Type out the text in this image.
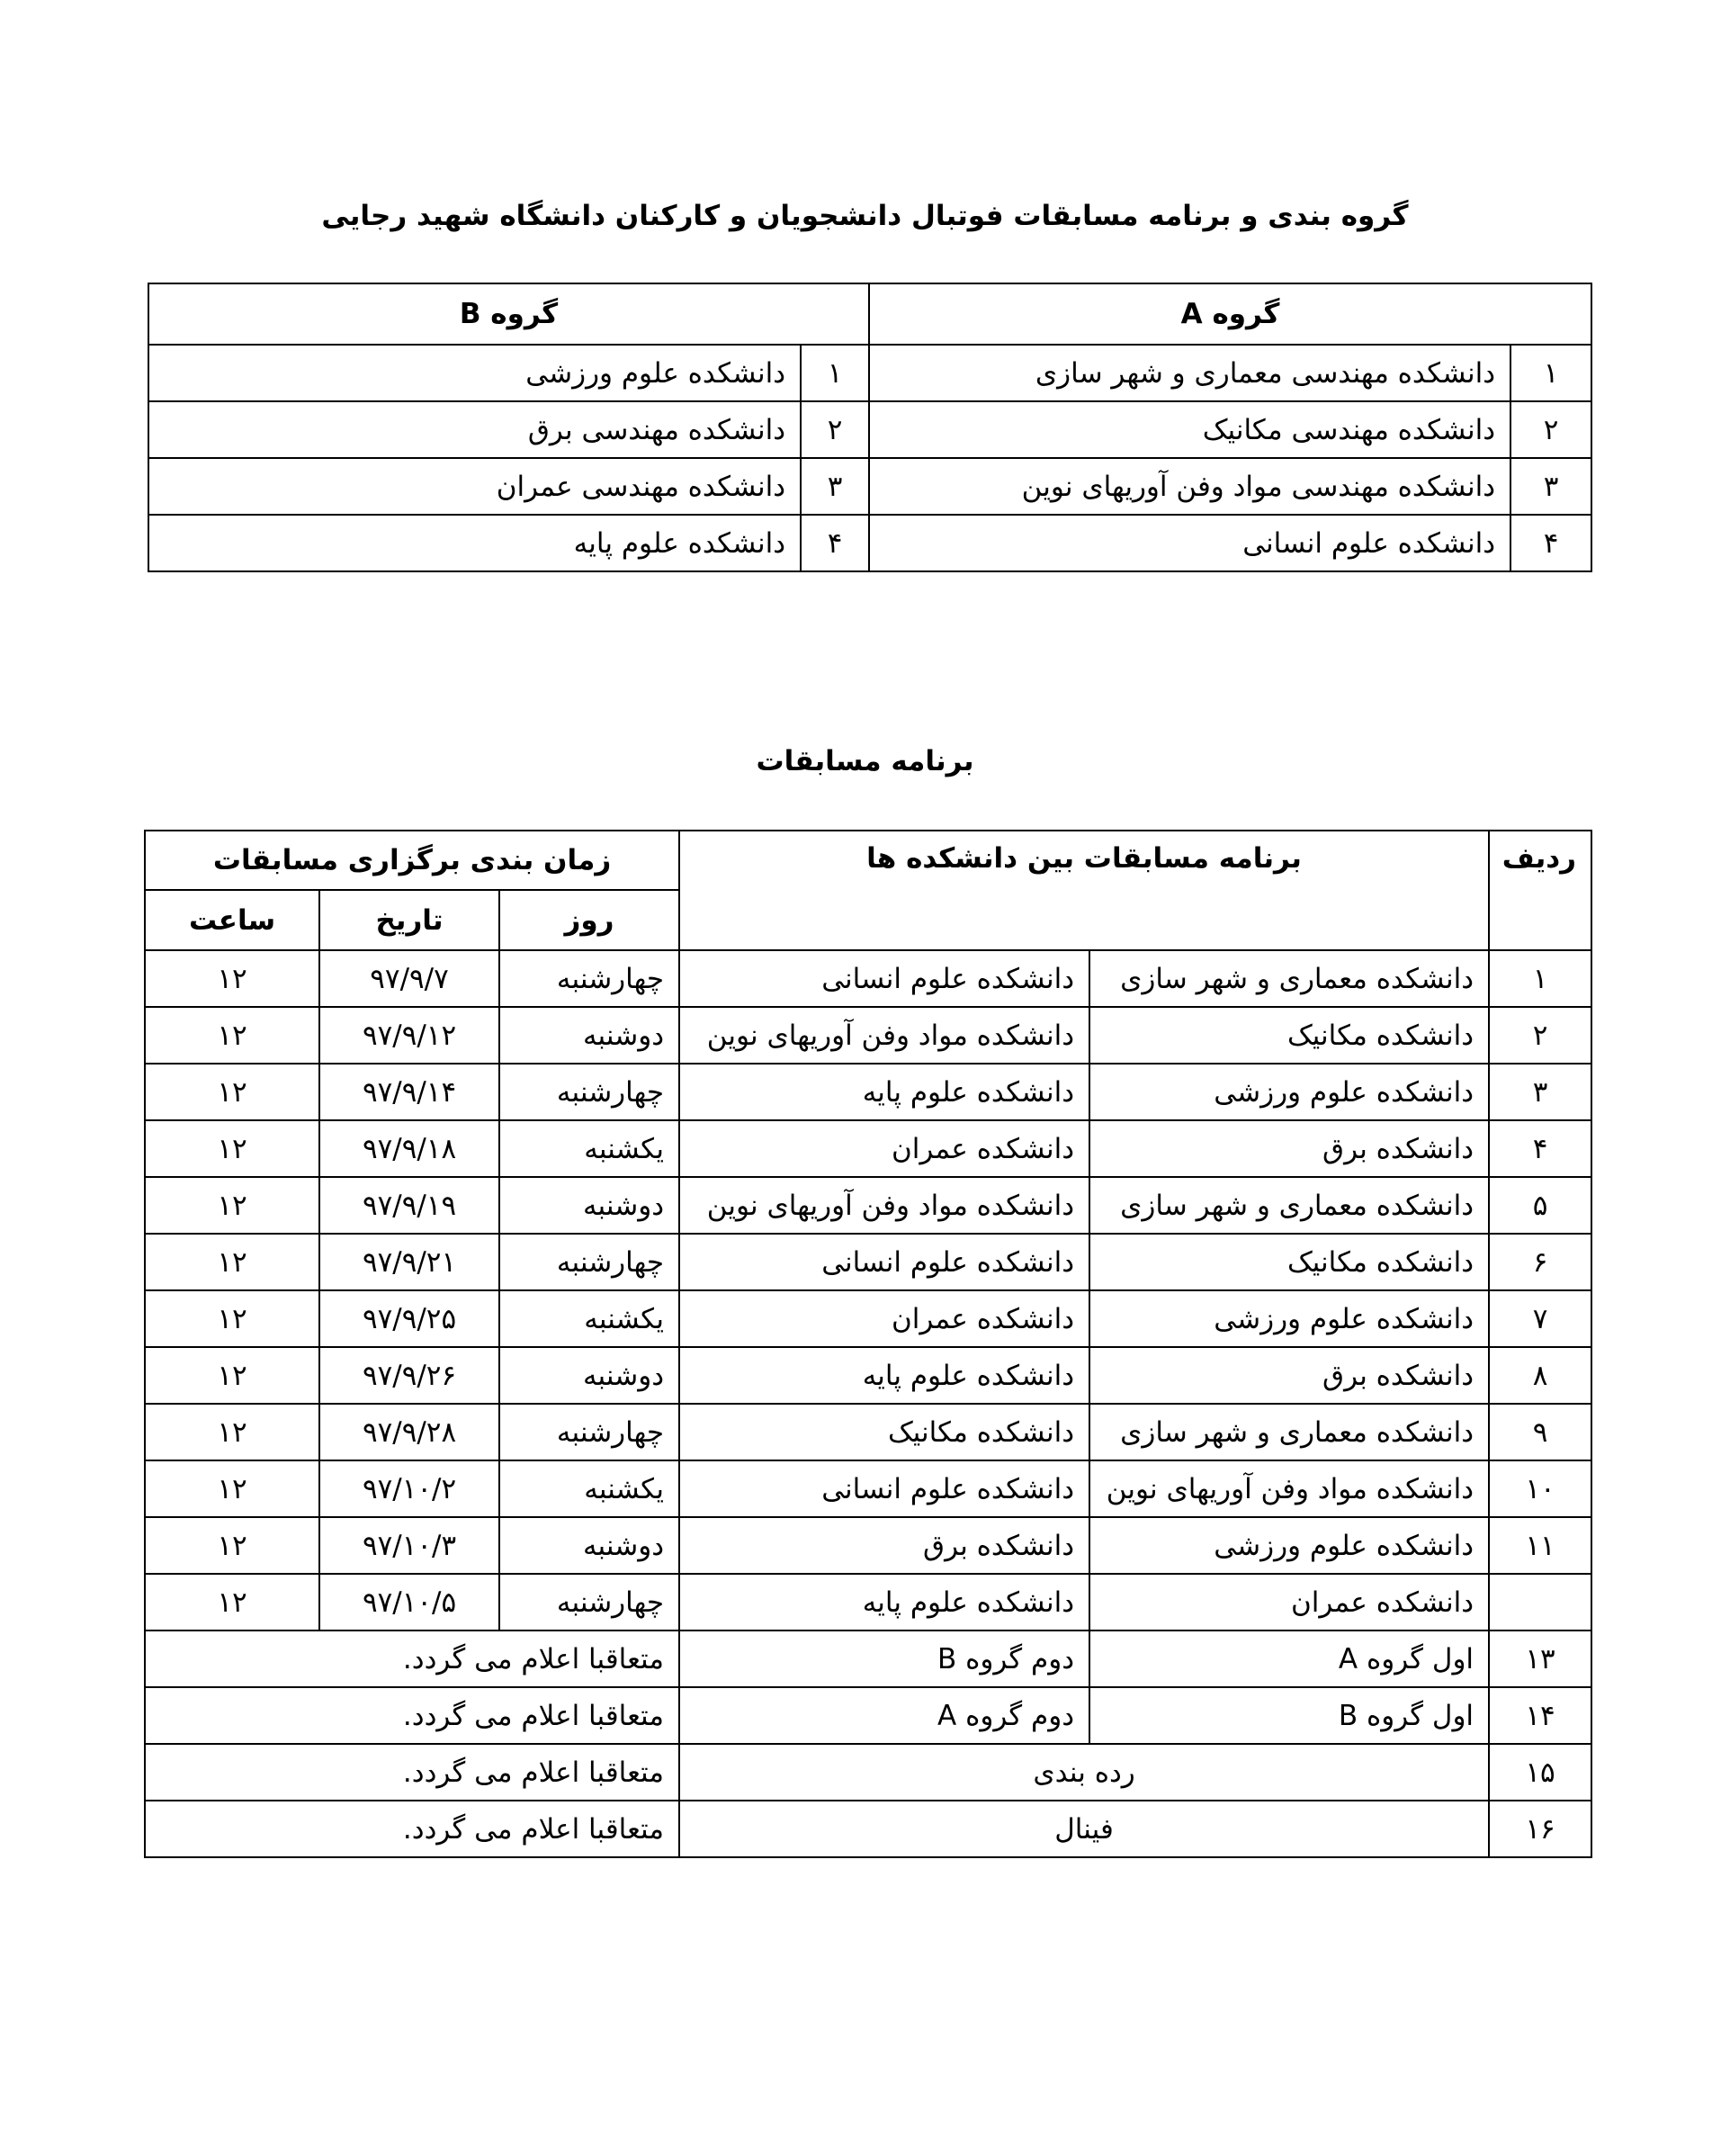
گروه بندی و برنامه مسابقات فوتبال دانشجویان و کارکنان دانشگاه شهید رجایی
گروه A		گروه B	
۱	دانشکده مهندسی معماری و شهر سازی	۱	دانشکده علوم ورزشی
۲	دانشکده مهندسی مکانیک	۲	دانشکده مهندسی برق
۳	دانشکده مهندسی مواد وفن آوریهای نوین	۳	دانشکده مهندسی عمران
۴	دانشکده علوم انسانی	۴	دانشکده علوم پایه
برنامه مسابقات
ردیف	برنامه مسابقات بین دانشکده ها		زمان بندی برگزاری مسابقات		
			روز	تاریخ	ساعت
۱	دانشکده معماری و شهر سازی	دانشکده علوم انسانی	چهارشنبه	۹۷/۹/۷	۱۲
۲	دانشکده مکانیک	دانشکده مواد وفن آوریهای نوین	دوشنبه	۹۷/۹/۱۲	۱۲
۳	دانشکده علوم ورزشی	دانشکده علوم پایه	چهارشنبه	۹۷/۹/۱۴	۱۲
۴	دانشکده برق	دانشکده عمران	یکشنبه	۹۷/۹/۱۸	۱۲
۵	دانشکده معماری و شهر سازی	دانشکده مواد وفن آوریهای نوین	دوشنبه	۹۷/۹/۱۹	۱۲
۶	دانشکده مکانیک	دانشکده علوم انسانی	چهارشنبه	۹۷/۹/۲۱	۱۲
۷	دانشکده علوم ورزشی	دانشکده عمران	یکشنبه	۹۷/۹/۲۵	۱۲
۸	دانشکده برق	دانشکده علوم پایه	دوشنبه	۹۷/۹/۲۶	۱۲
۹	دانشکده معماری و شهر سازی	دانشکده مکانیک	چهارشنبه	۹۷/۹/۲۸	۱۲
۱۰	دانشکده مواد وفن آوریهای نوین	دانشکده علوم انسانی	یکشنبه	۹۷/۱۰/۲	۱۲
۱۱	دانشکده علوم ورزشی	دانشکده برق	دوشنبه	۹۷/۱۰/۳	۱۲
	دانشکده عمران	دانشکده علوم پایه	چهارشنبه	۹۷/۱۰/۵	۱۲
۱۳	اول گروه A	دوم گروه B	متعاقبا اعلام می گردد.		
۱۴	اول گروه B	دوم گروه A	متعاقبا اعلام می گردد.		
۱۵	رده بندی		متعاقبا اعلام می گردد.		
۱۶	فینال		متعاقبا اعلام می گردد.		
